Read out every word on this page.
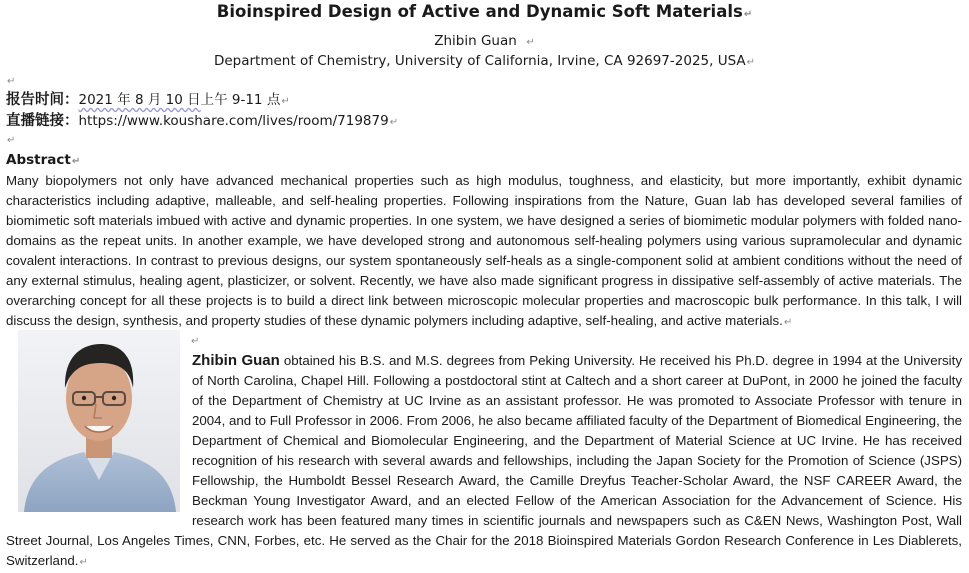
Bioinspired Design of Active and Dynamic Soft Materials↵
Zhibin Guan ↵
Department of Chemistry, University of California, Irvine, CA 92697-2025, USA↵
↵
报告时间：2021 年 8 月 10 日上午 9-11 点↵
直播链接：https://www.koushare.com/lives/room/719879↵
↵
Abstract↵
Many biopolymers not only have advanced mechanical properties such as high modulus, toughness, and elasticity, but more importantly, exhibit dynamic characteristics including adaptive, malleable, and self-healing properties. Following inspirations from the Nature, Guan lab has developed several families of biomimetic soft materials imbued with active and dynamic properties. In one system, we have designed a series of biomimetic modular polymers with folded nano-domains as the repeat units. In another example, we have developed strong and autonomous self-healing polymers using various supramolecular and dynamic covalent interactions. In contrast to previous designs, our system spontaneously self-heals as a single-component solid at ambient conditions without the need of any external stimulus, healing agent, plasticizer, or solvent. Recently, we have also made significant progress in dissipative self-assembly of active materials. The overarching concept for all these projects is to build a direct link between microscopic molecular properties and macroscopic bulk performance. In this talk, I will discuss the design, synthesis, and property studies of these dynamic polymers including adaptive, self-healing, and active materials.↵
↵
Zhibin Guan obtained his B.S. and M.S. degrees from Peking University. He received his Ph.D. degree in 1994 at the University of North Carolina, Chapel Hill. Following a postdoctoral stint at Caltech and a short career at DuPont, in 2000 he joined the faculty of the Department of Chemistry at UC Irvine as an assistant professor. He was promoted to Associate Professor with tenure in 2004, and to Full Professor in 2006. From 2006, he also became affiliated faculty of the Department of Biomedical Engineering, the Department of Chemical and Biomolecular Engineering, and the Department of Material Science at UC Irvine. He has received recognition of his research with several awards and fellowships, including the Japan Society for the Promotion of Science (JSPS) Fellowship, the Humboldt Bessel Research Award, the Camille Dreyfus Teacher-Scholar Award, the NSF CAREER Award, the Beckman Young Investigator Award, and an elected Fellow of the American Association for the Advancement of Science. His research work has been featured many times in scientific journals and newspapers such as C&EN News, Washington Post, Wall Street Journal, Los Angeles Times, CNN, Forbes, etc. He served as the Chair for the 2018 Bioinspired Materials Gordon Research Conference in Les Diablerets, Switzerland.↵
